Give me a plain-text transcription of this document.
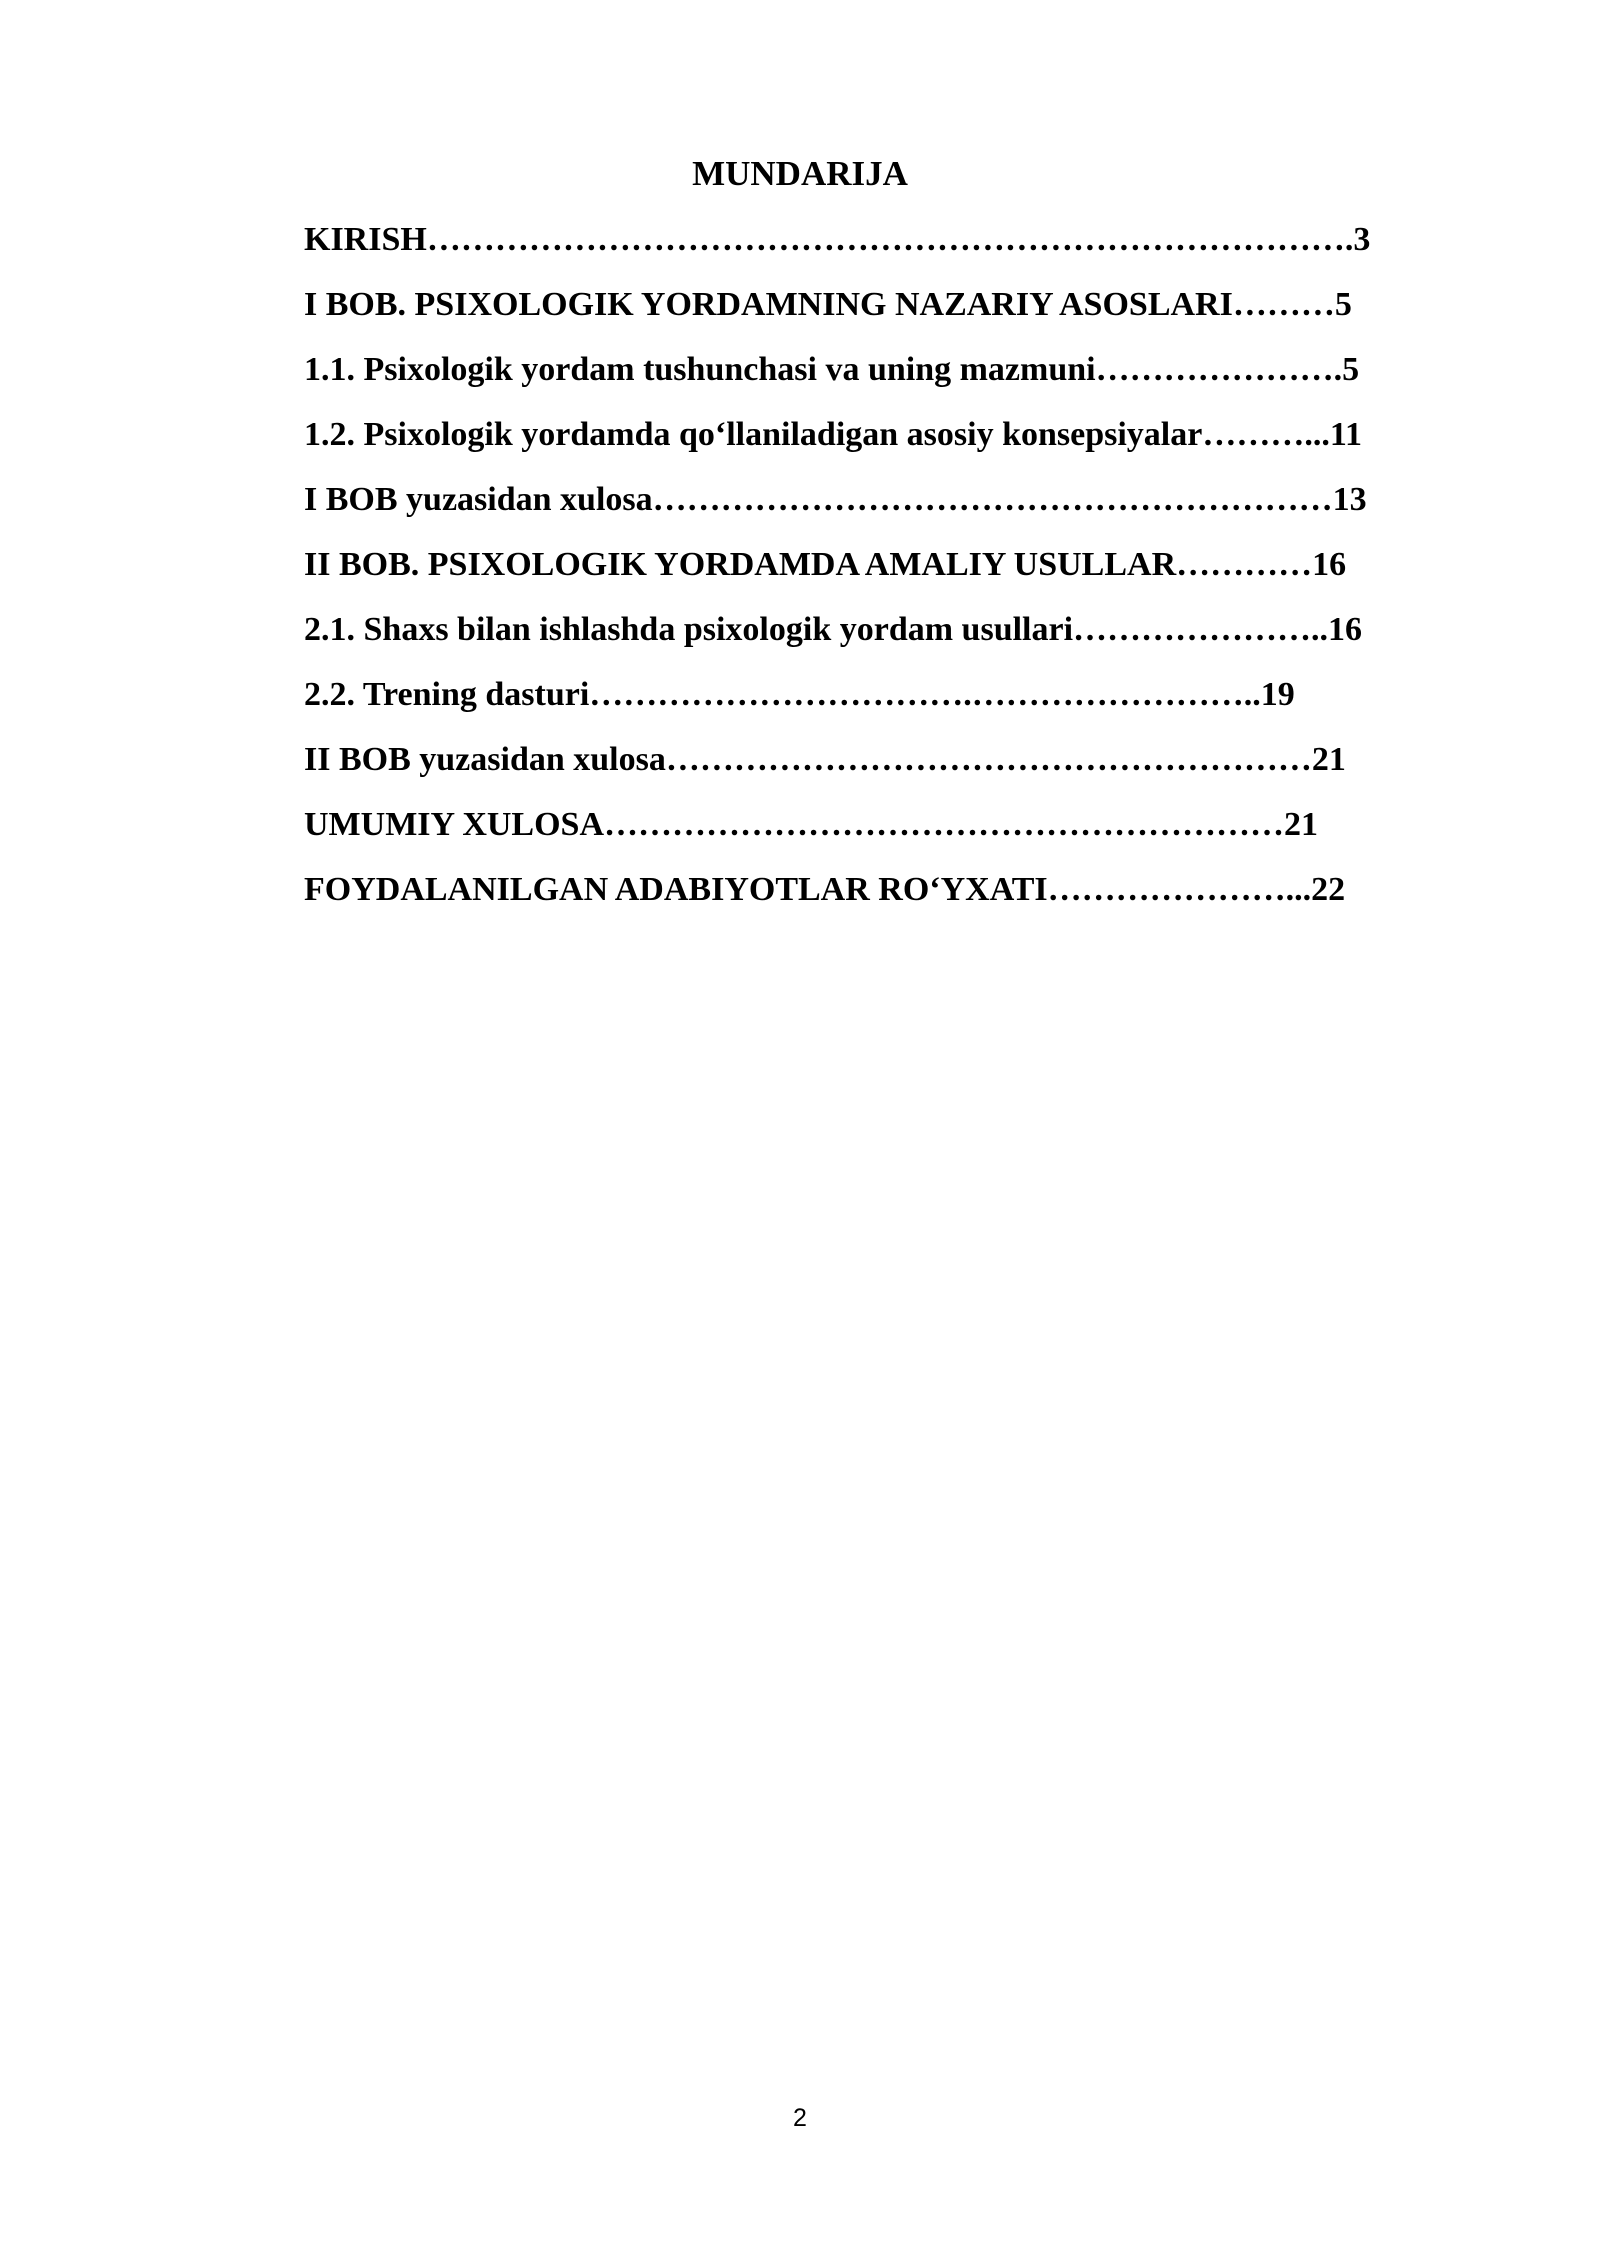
MUNDARIJA
KIRISH……………………………………………………………………….3
I BOB. PSIXOLOGIK YORDAMNING NAZARIY ASOSLARI………5
1.1. Psixologik yordam tushunchasi va uning mazmuni………………….5
1.2. Psixologik yordamda qo‘llaniladigan asosiy konsepsiyalar………...11
I BOB yuzasidan xulosa……………………………………………………13
II BOB. PSIXOLOGIK YORDAMDA AMALIY USULLAR…………16
2.1. Shaxs bilan ishlashda psixologik yordam usullari…………………..16
2.2. Trening dasturi…………………………….……………………..19
II BOB yuzasidan xulosa…………………………………………………21
UMUMIY XULOSA……………………………………………………21
FOYDALANILGAN ADABIYOTLAR RO‘YXATI…………………...22
2
